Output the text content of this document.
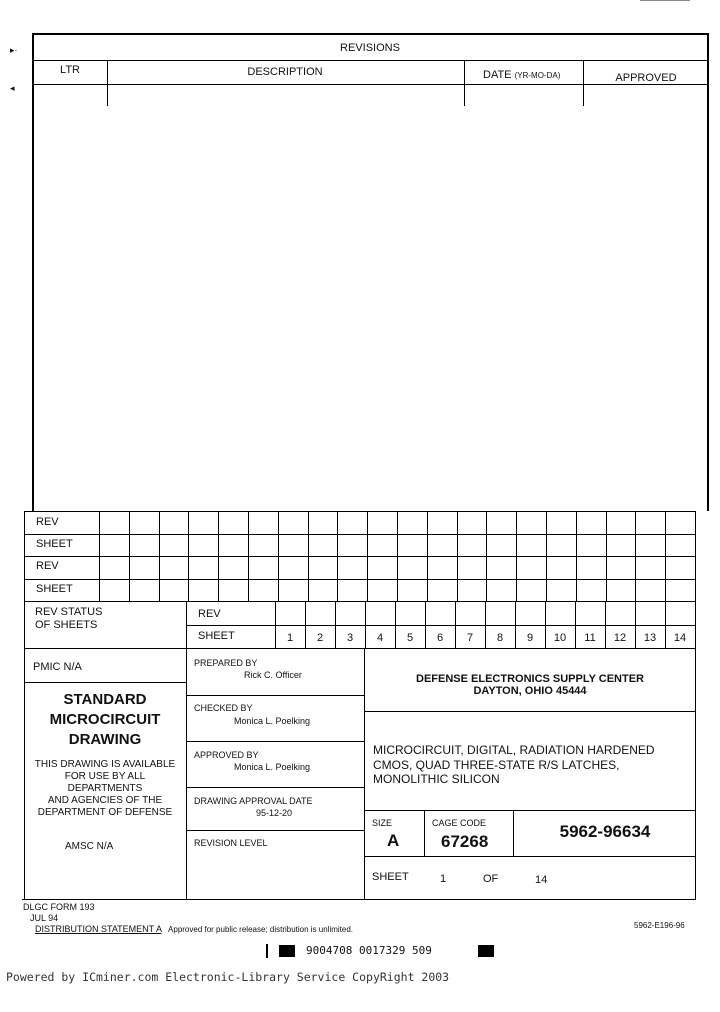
REVISIONS
LTR	DESCRIPTION	DATE (YR-MO-DA)	APPROVED
REV
SHEET
REV
SHEET
REV STATUS
OF SHEETS
REV
SHEET	1	2	3	4	5	6	7	8	9	10	11	12	13	14
PMIC N/A
STANDARD
MICROCIRCUIT
DRAWING
THIS DRAWING IS AVAILABLE
FOR USE BY ALL
DEPARTMENTS
AND AGENCIES OF THE
DEPARTMENT OF DEFENSE
AMSC N/A
PREPARED BY
Rick C. Officer
CHECKED BY
Monica L. Poelking
APPROVED BY
Monica L. Poelking
DRAWING APPROVAL DATE
95-12-20
REVISION LEVEL
DEFENSE ELECTRONICS SUPPLY CENTER
DAYTON, OHIO 45444
MICROCIRCUIT, DIGITAL, RADIATION HARDENED
CMOS, QUAD THREE-STATE R/S LATCHES,
MONOLITHIC SILICON
SIZE
A
CAGE CODE
67268
5962-96634
SHEET	1	OF	14
DLGC FORM 193
JUL 94
DISTRIBUTION STATEMENT A Approved for public release; distribution is unlimited.	5962-E196-96
9004708 0017329 509
Powered by ICminer.com Electronic-Library Service CopyRight 2003
▸·
◂
